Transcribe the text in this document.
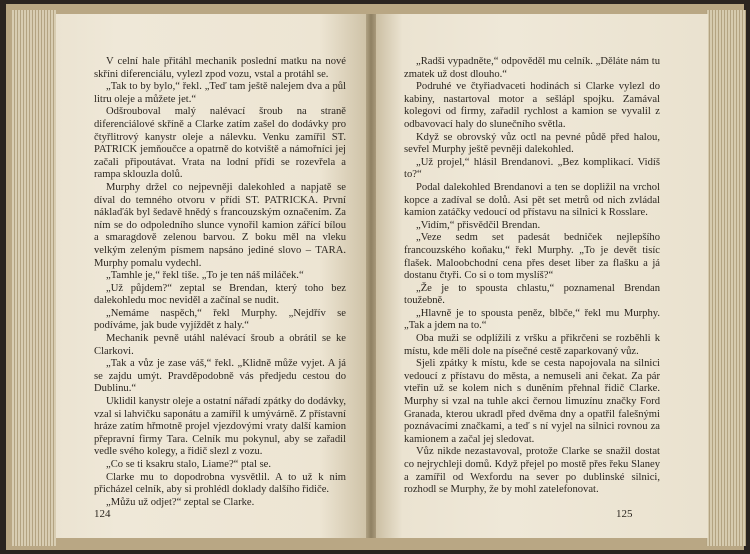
V celní hale přitáhl mechanik poslední matku na nové skříni diferenciálu, vylezl zpod vozu, vstal a protáhl se.

„Tak to by bylo,“ řekl. „Teď tam ještě nalejem dva a půl litru oleje a můžete jet.“

Odšrouboval malý nalévací šroub na straně diferenciálové skříně a Clarke zatím zašel do dodávky pro čtyřlitrový kanystr oleje a nálevku. Venku zamířil ST. PATRICK jemňoučce a opatrně do kotviště a námořníci jej začali připoutávat. Vrata na lodní přídi se rozevřela a rampa sklouzla dolů.

Murphy držel co nejpevněji dalekohled a napjatě se díval do temného otvoru v přídi ST. PATRICKA. První náklaďák byl šedavě hnědý s francouzským označením. Za ním se do odpoledního slunce vynořil kamion zářící bílou a smaragdově zelenou barvou. Z boku měl na vleku velkým zeleným písmem napsáno jediné slovo – TARA. Murphy pomalu vydechl.

„Tamhle je,“ řekl tiše. „To je ten náš miláček.“

„Už půjdem?“ zeptal se Brendan, který toho bez dalekohledu moc neviděl a začínal se nudit.

„Nemáme naspěch,“ řekl Murphy. „Nejdřív se podíváme, jak bude vyjíždět z haly.“

Mechanik pevně utáhl nalévací šroub a obrátil se ke Clarkovi.

„Tak a vůz je zase váš,“ řekl. „Klidně může vyjet. A já se zajdu umýt. Pravděpodobně vás předjedu cestou do Dublinu.“

Uklidil kanystr oleje a ostatní nářadí zpátky do dodávky, vzal si lahvičku saponátu a zamířil k umývárně. Z přístavní hráze zatím hřmotně projel vjezdovými vraty další kamion přepravní firmy Tara. Celník mu pokynul, aby se zařadil vedle svého kolegy, a řidič slezl z vozu.

„Co se ti ksakru stalo, Liame?“ ptal se.

Clarke mu to dopodrobna vysvětlil. A to už k nim přicházel celník, aby si prohlédl doklady dalšího řidiče.

„Můžu už odjet?“ zeptal se Clarke.

124

„Radši vypadněte,“ odpověděl mu celník. „Děláte nám tu zmatek už dost dlouho.“

Podruhé ve čtyřiadvaceti hodinách si Clarke vylezl do kabiny, nastartoval motor a sešlápl spojku. Zamával kolegovi od firmy, zařadil rychlost a kamion se vyvalil z odbavovací haly do slunečního světla.

Když se obrovský vůz octl na pevné půdě před halou, sevřel Murphy ještě pevněji dalekohled.

„Už projel,“ hlásil Brendanovi. „Bez komplikací. Vidíš to?“

Podal dalekohled Brendanovi a ten se dopližil na vrchol kopce a zadíval se dolů. Asi pět set metrů od nich zvládal kamion zatáčky vedoucí od přístavu na silnici k Rosslare.

„Vidím,“ přisvědčil Brendan.

„Veze sedm set padesát bedniček nejlepšího francouzského koňaku,“ řekl Murphy. „To je devět tisíc flašek. Maloobchodní cena přes deset liber za flašku a já dostanu čtyři. Co si o tom myslíš?“

„Že je to spousta chlastu,“ poznamenal Brendan toužebně.

„Hlavně je to spousta peněz, blbče,“ řekl mu Murphy. „Tak a jdem na to.“

Oba muži se odplížili z vršku a přikrčeni se rozběhli k místu, kde měli dole na písečné cestě zaparkovaný vůz.

Sjeli zpátky k místu, kde se cesta napojovala na silnici vedoucí z přístavu do města, a nemuseli ani čekat. Za pár vteřin už se kolem nich s duněním přehnal řidič Clarke. Murphy si vzal na tuhle akci černou limuzínu značky Ford Granada, kterou ukradl před dvěma dny a opatřil falešnými poznávacími značkami, a teď s ní vyjel na silnici rovnou za kamionem a začal jej sledovat.

Vůz nikde nezastavoval, protože Clarke se snažil dostat co nejrychleji domů. Když přejel po mostě přes řeku Slaney a zamířil od Wexfordu na sever po dublinské silnici, rozhodl se Murphy, že by mohl zatelefonovat.

125
